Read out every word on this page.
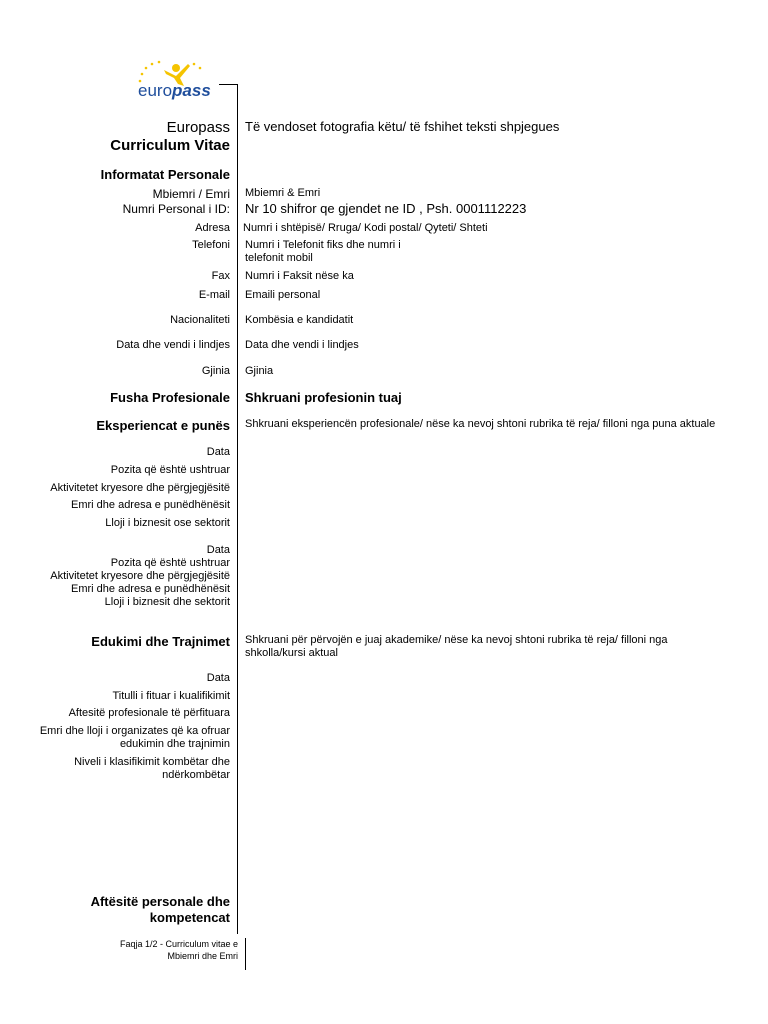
europass
Europass
Curriculum Vitae
Të vendoset fotografia këtu/ të fshihet teksti shpjegues
Informatat Personale
Mbiemri / Emri Mbiemri & Emri
Numri Personal i ID: Nr 10 shifror qe gjendet ne ID , Psh. 0001112223
Adresa Numri i shtëpisë/ Rruga/ Kodi postal/ Qyteti/ Shteti
Telefoni Numri i Telefonit fiks dhe numri i telefonit mobil
Fax Numri i Faksit nëse ka
E-mail Emaili personal
Nacionaliteti Kombësia e kandidatit
Data dhe vendi i lindjes Data dhe vendi i lindjes
Gjinia Gjinia
Fusha Profesionale Shkruani profesionin tuaj
Eksperiencat e punës Shkruani eksperiencën profesionale/ nëse ka nevoj shtoni rubrika të reja/ filloni nga puna aktuale
Data
Pozita që është ushtruar
Aktivitetet kryesore dhe përgjegjësitë
Emri dhe adresa e punëdhënësit
Lloji i biznesit ose sektorit
Data
Pozita që është ushtruar
Aktivitetet kryesore dhe përgjegjësitë
Emri dhe adresa e punëdhënësit
Lloji i biznesit dhe sektorit
Edukimi dhe Trajnimet Shkruani për përvojën e juaj akademike/ nëse ka nevoj shtoni rubrika të reja/ filloni nga shkolla/kursi aktual
Data
Titulli i fituar i kualifikimit
Aftesitë profesionale të përfituara
Emri dhe lloji i organizates që ka ofruar edukimin dhe trajnimin
Niveli i klasifikimit kombëtar dhe ndërkombëtar
Aftësitë personale dhe
kompetencat
Faqja 1/2 - Curriculum vitae e
Mbiemri dhe Emri
